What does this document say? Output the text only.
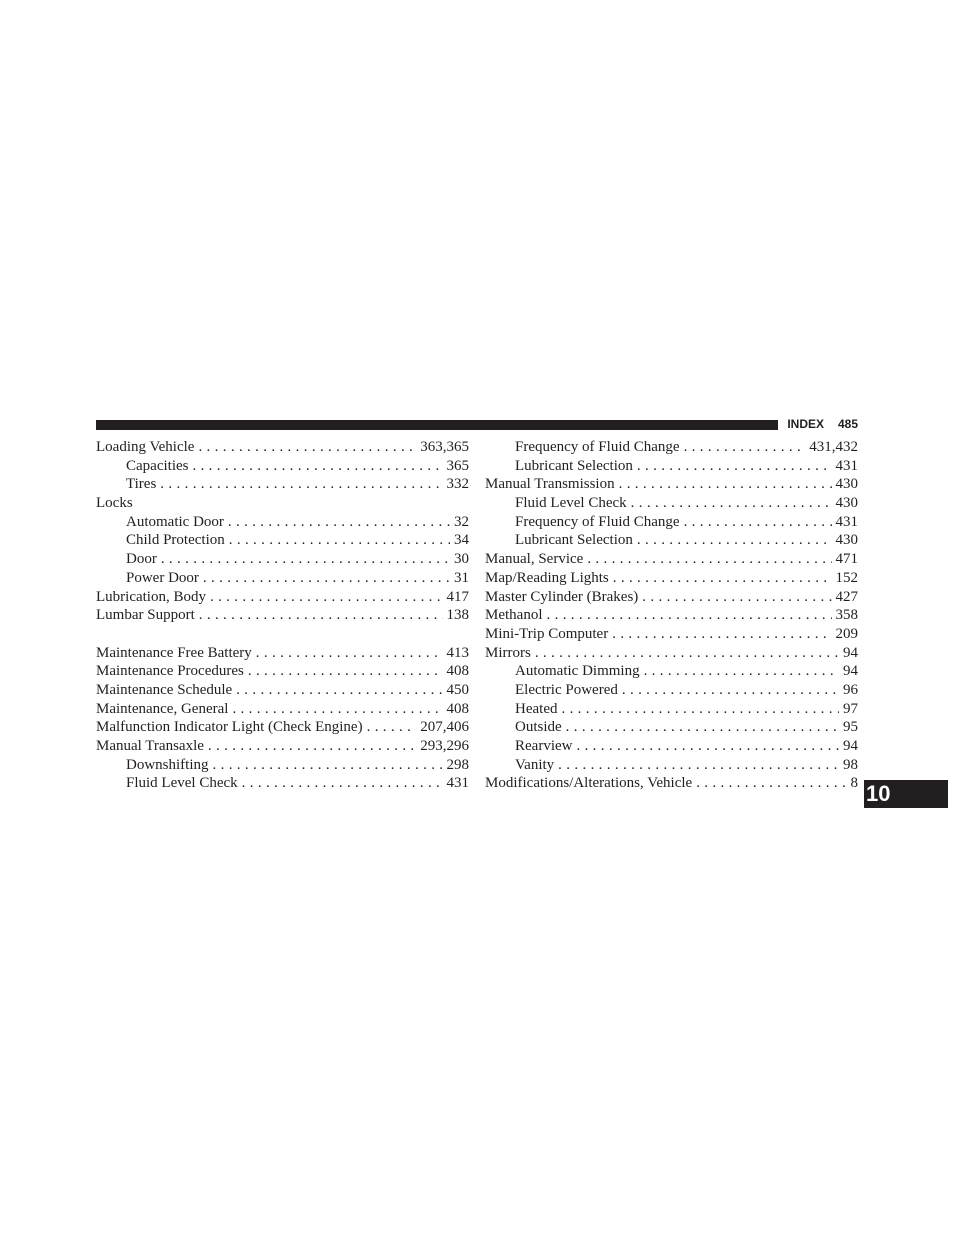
INDEX 485
Loading Vehicle . . .	363,365
Capacities . . .	365
Tires . . .	332
Locks
Automatic Door . . .	32
Child Protection . . .	34
Door . . .	30
Power Door . . .	31
Lubrication, Body . . .	417
Lumbar Support . . .	138
Maintenance Free Battery . . .	413
Maintenance Procedures . . .	408
Maintenance Schedule . . .	450
Maintenance, General . . .	408
Malfunction Indicator Light (Check Engine) . . .	207,406
Manual Transaxle . . .	293,296
Downshifting . . .	298
Fluid Level Check . . .	431
Frequency of Fluid Change . . .	431,432
Lubricant Selection . . .	431
Manual Transmission . . .	430
Fluid Level Check . . .	430
Frequency of Fluid Change . . .	431
Lubricant Selection . . .	430
Manual, Service . . .	471
Map/Reading Lights . . .	152
Master Cylinder (Brakes) . . .	427
Methanol . . .	358
Mini-Trip Computer . . .	209
Mirrors . . .	94
Automatic Dimming . . .	94
Electric Powered . . .	96
Heated . . .	97
Outside . . .	95
Rearview . . .	94
Vanity . . .	98
Modifications/Alterations, Vehicle . . .	8 10
